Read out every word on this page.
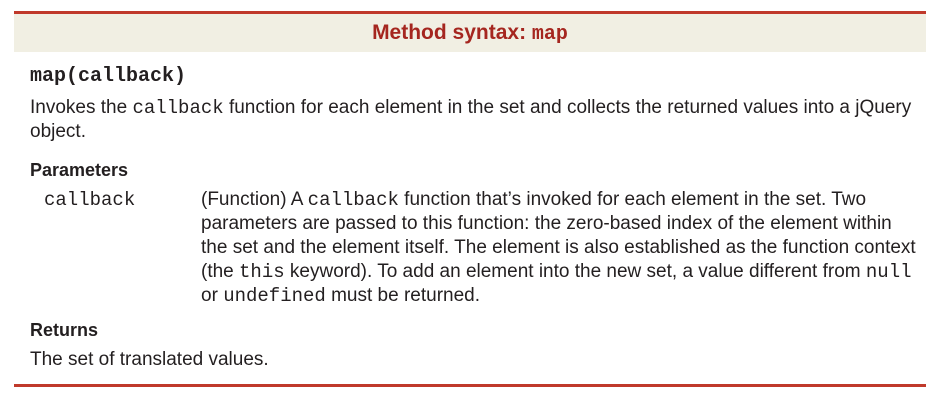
Method syntax: map
map(callback)
Invokes the callback function for each element in the set and collects the returned values into a jQuery object.
Parameters
callback	(Function) A callback function that’s invoked for each element in the set. Two parameters are passed to this function: the zero-based index of the element within the set and the element itself. The element is also established as the function context (the this keyword). To add an element into the new set, a value different from null or undefined must be returned.
Returns
The set of translated values.
